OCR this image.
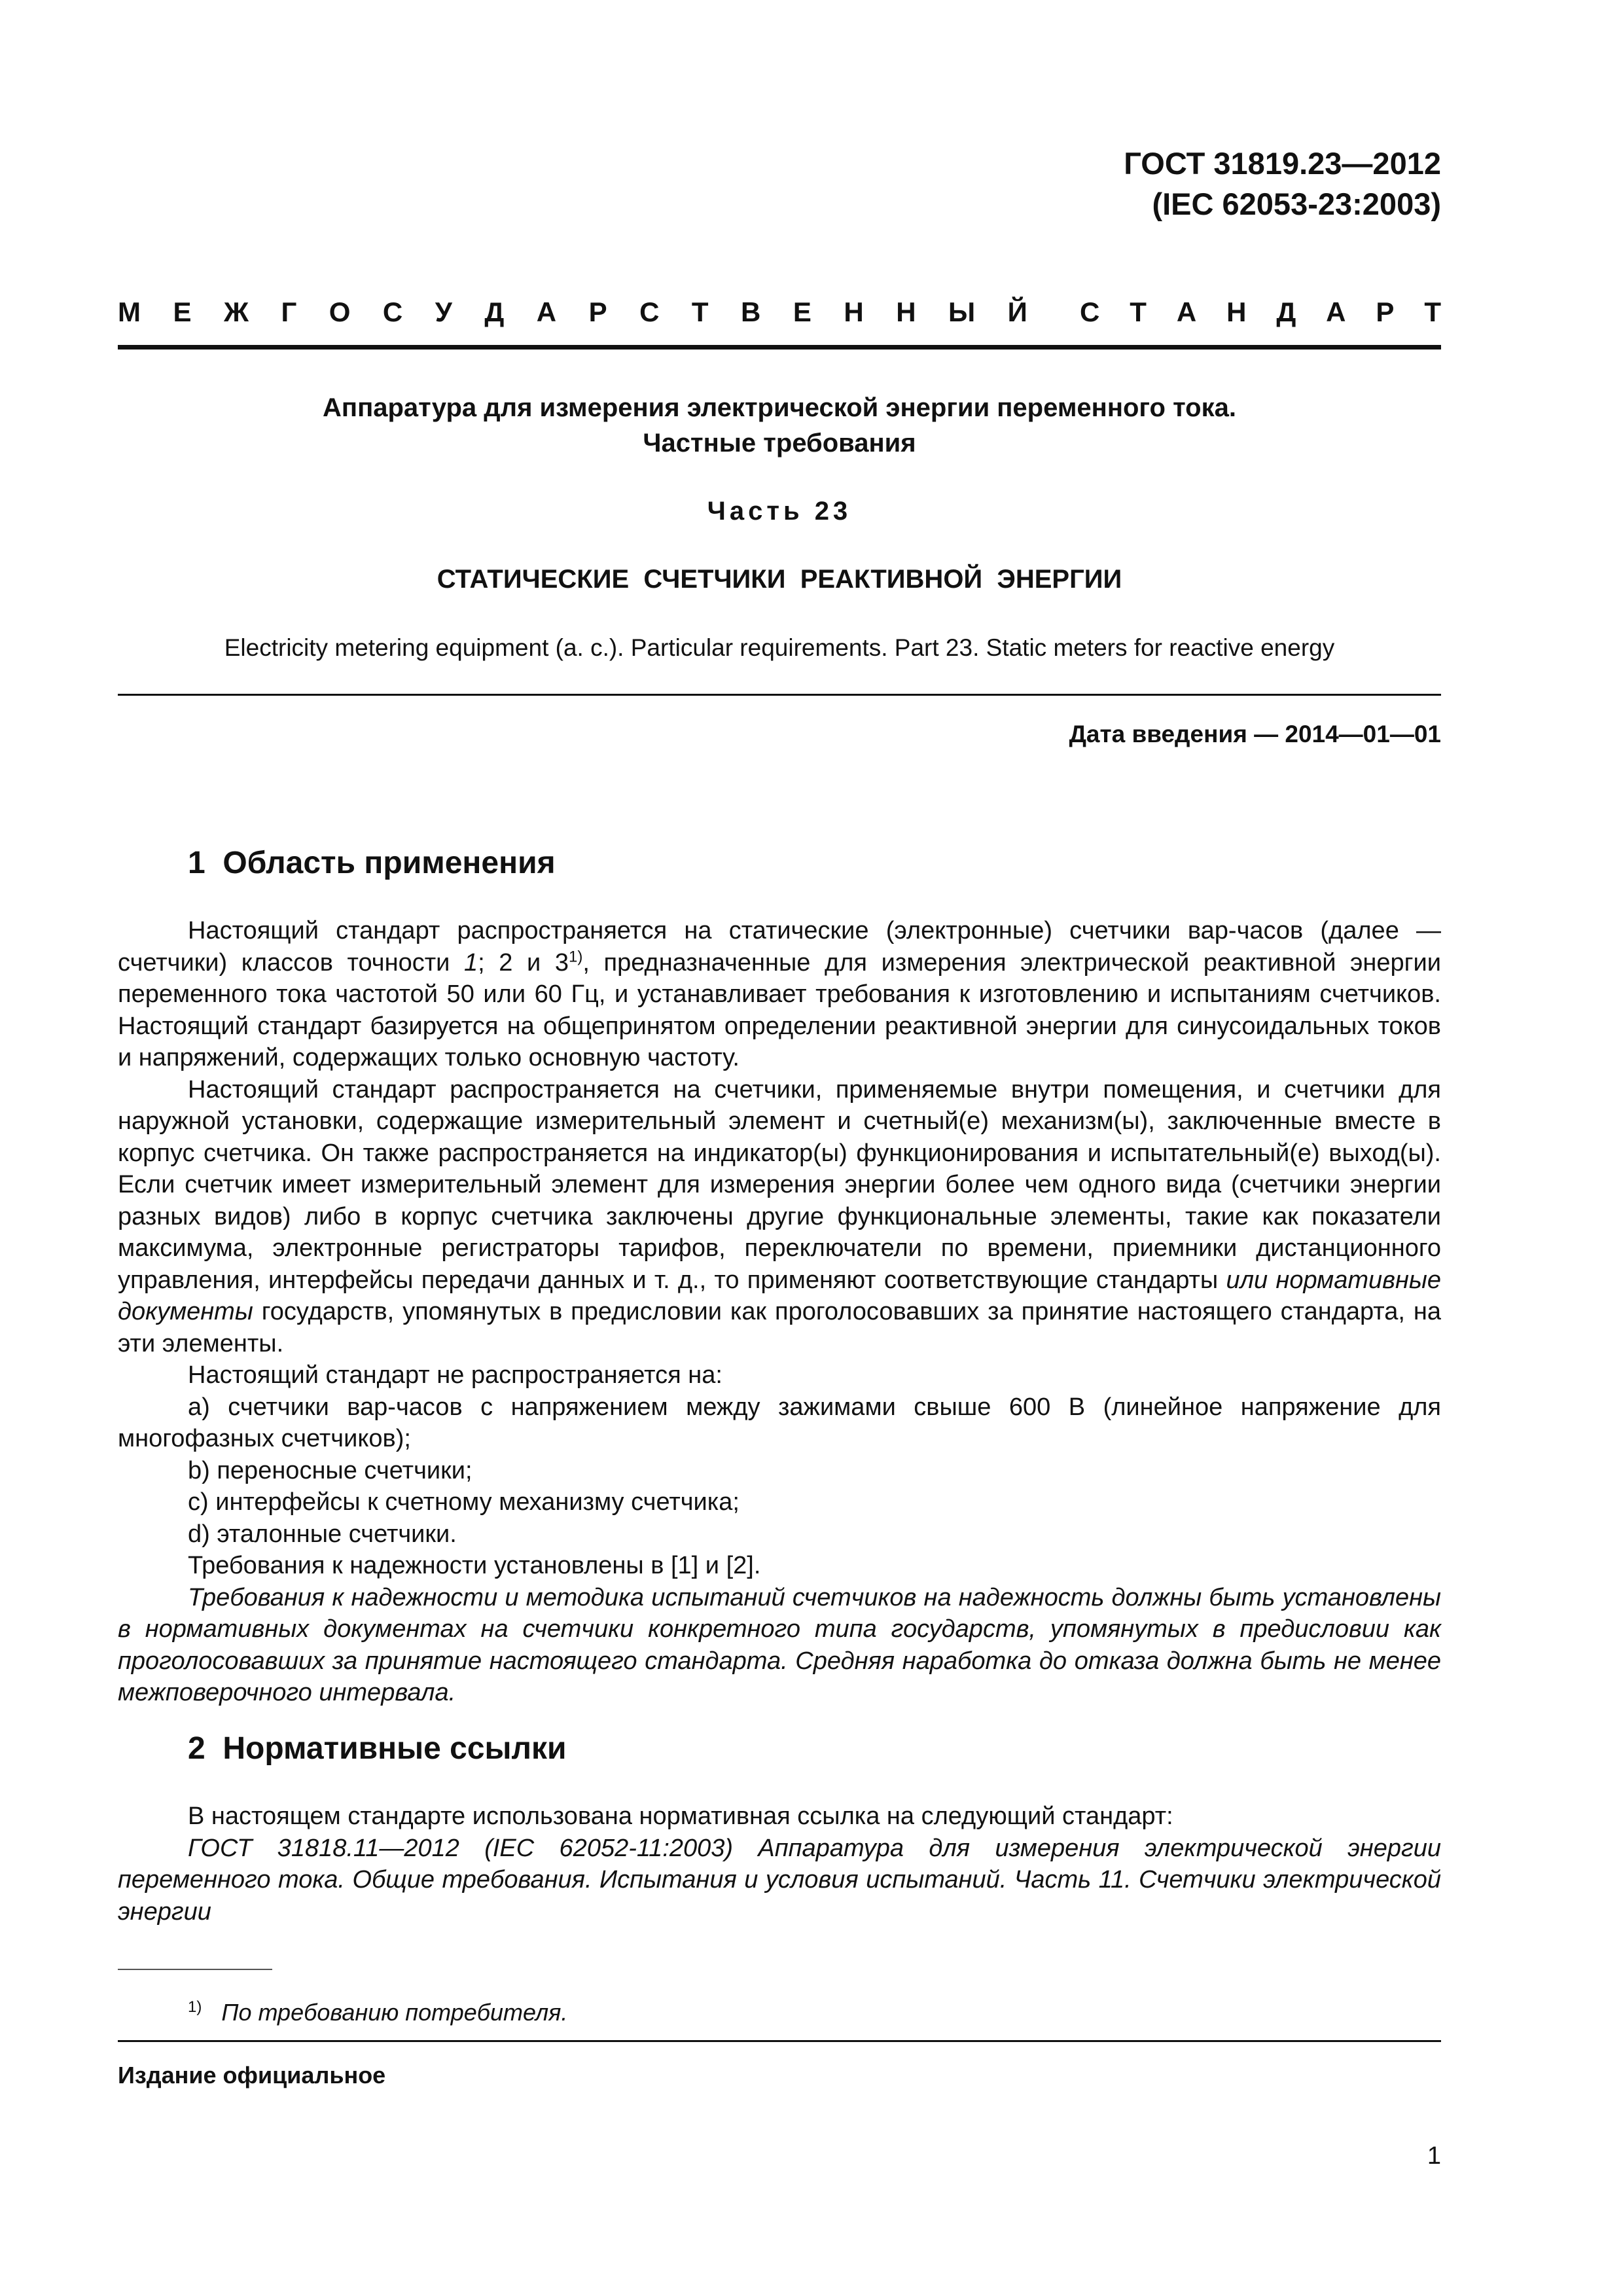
ГОСТ 31819.23—2012
(IEC 62053-23:2003)
М Е Ж Г О С У Д А Р С Т В Е Н Н Ы Й С Т А Н Д А Р Т
Аппаратура для измерения электрической энергии переменного тока.
Частные требования
Часть 23
СТАТИЧЕСКИЕ  СЧЕТЧИКИ  РЕАКТИВНОЙ  ЭНЕРГИИ
Electricity metering equipment (a. c.). Particular requirements. Part 23. Static meters for reactive energy
Дата введения — 2014—01—01
1  Область применения

Настоящий стандарт распространяется на статические (электронные) счетчики вар-часов (далее — счетчики) классов точности 1; 2 и 3$^{1)}$, предназначенные для измерения электрической реактивной энергии переменного тока частотой 50 или 60 Гц, и устанавливает требования к изготовлению и испытаниям счетчиков. Настоящий стандарт базируется на общепринятом определении реактивной энергии для синусоидальных токов и напряжений, содержащих только основную частоту.

Настоящий стандарт распространяется на счетчики, применяемые внутри помещения, и счетчики для наружной установки, содержащие измерительный элемент и счетный(е) механизм(ы), заключенные вместе в корпус счетчика. Он также распространяется на индикатор(ы) функционирования и испытательный(е) выход(ы). Если счетчик имеет измерительный элемент для измерения энергии более чем одного вида (счетчики энергии разных видов) либо в корпус счетчика заключены другие функциональные элементы, такие как показатели максимума, электронные регистраторы тарифов, переключатели по времени, приемники дистанционного управления, интерфейсы передачи данных и т. д., то применяют соответствующие стандарты или нормативные документы государств, упомянутых в предисловии как проголосовавших за принятие настоящего стандарта, на эти элементы.

Настоящий стандарт не распространяется на:

a) счетчики вар-часов с напряжением между зажимами свыше 600 В (линейное напряжение для многофазных счетчиков);

b) переносные счетчики;

c) интерфейсы к счетному механизму счетчика;

d) эталонные счетчики.

Требования к надежности установлены в [1] и [2].

Требования к надежности и методика испытаний счетчиков на надежность должны быть установлены в нормативных документах на счетчики конкретного типа государств, упомянутых в предисловии как проголосовавших за принятие настоящего стандарта. Средняя наработка до отказа должна быть не менее межповерочного интервала.

2  Нормативные ссылки

В настоящем стандарте использована нормативная ссылка на следующий стандарт:

ГОСТ 31818.11—2012 (IEC 62052-11:2003) Аппаратура для измерения электрической энергии переменного тока. Общие требования. Испытания и условия испытаний. Часть 11. Счетчики электрической энергии

$^{1)}$ По требованию потребителя.
Издание официальное
1
